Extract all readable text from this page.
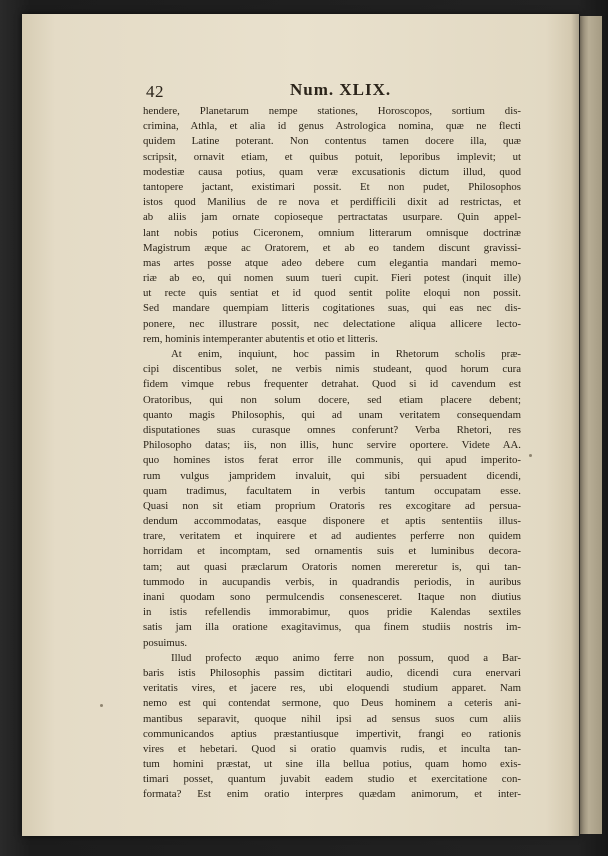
42	Num. XLIX.
hendere, Planetarum nempe stationes, Horoscopos, sortium dis-
crimina, Athla, et alia id genus Astrologica nomina, quæ ne flecti
quidem Latine poterant. Non contentus tamen docere illa, quæ
scripsit, ornavit etiam, et quibus potuit, leporibus implevit; ut
modestiæ causa potius, quam veræ excusationis dictum illud, quod
tantopere jactant, existimari possit. Et non pudet, Philosophos
istos quod Manilius de re nova et perdifficili dixit ad restrictas, et
ab aliis jam ornate copioseque pertractatas usurpare. Quin appel-
lant nobis potius Ciceronem, omnium litterarum omnisque doctrinæ
Magistrum æque ac Oratorem, et ab eo tandem discunt gravissi-
mas artes posse atque adeo debere cum elegantia mandari memo-
riæ ab eo, qui nomen suum tueri cupit. Fieri potest (inquit ille)
ut recte quis sentiat et id quod sentit polite eloqui non possit.
Sed mandare quempiam litteris cogitationes suas, qui eas nec dis-
ponere, nec illustrare possit, nec delectatione aliqua allicere lecto-
rem, hominis intemperanter abutentis et otio et litteris.
At enim, inquiunt, hoc passim in Rhetorum scholis præ-
cipi discentibus solet, ne verbis nimis studeant, quod horum cura
fidem vimque rebus frequenter detrahat. Quod si id cavendum est
Oratoribus, qui non solum docere, sed etiam placere debent;
quanto magis Philosophis, qui ad unam veritatem consequendam
disputationes suas curasque omnes conferunt? Verba Rhetori, res
Philosopho datas; iis, non illis, hunc servire oportere. Videte AA.
quo homines istos ferat error ille communis, qui apud imperito-
rum vulgus jampridem invaluit, qui sibi persuadent dicendi,
quam tradimus, facultatem in verbis tantum occupatam esse.
Quasi non sit etiam proprium Oratoris res excogitare ad persua-
dendum accommodatas, easque disponere et aptis sententiis illus-
trare, veritatem et inquirere et ad audientes perferre non quidem
horridam et incomptam, sed ornamentis suis et luminibus decora-
tam; aut quasi præclarum Oratoris nomen mereretur is, qui tan-
tummodo in aucupandis verbis, in quadrandis periodis, in auribus
inani quodam sono permulcendis consenesceret. Itaque non diutius
in istis refellendis immorabimur, quos pridie Kalendas sextiles
satis jam illa oratione exagitavimus, qua finem studiis nostris im-
posuimus.
Illud profecto æquo animo ferre non possum, quod a Bar-
baris istis Philosophis passim dictitari audio, dicendi cura enervari
veritatis vires, et jacere res, ubi eloquendi studium apparet. Nam
nemo est qui contendat sermone, quo Deus hominem a ceteris ani-
mantibus separavit, quoque nihil ipsi ad sensus suos cum aliis
communicandos aptius præstantiusque impertivit, frangi eo rationis
vires et hebetari. Quod si oratio quamvis rudis, et inculta tan-
tum homini præstat, ut sine illa bellua potius, quam homo exis-
timari posset, quantum juvabit eadem studio et exercitatione con-
formata? Est enim oratio interpres quædam animorum, et inter-
